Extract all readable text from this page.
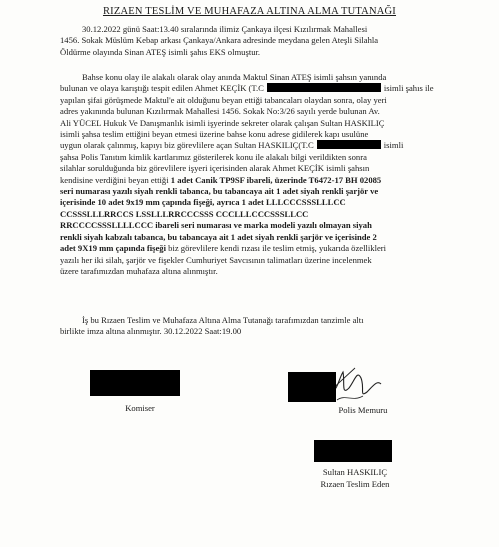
RIZAEN TESLİM VE MUHAFAZA ALTINA ALMA TUTANAĞI
30.12.2022 günü Saat:13.40 sıralarında ilimiz Çankaya ilçesi Kızılırmak Mahallesi
1456. Sokak Müslüm Kebap arkası Çankaya/Ankara adresinde meydana gelen Ateşli Silahla
Öldürme olayında Sinan ATEŞ isimli şahıs EKS olmuştur.
Bahse konu olay ile alakalı olarak olay anında Maktul Sinan ATEŞ isimli şahsın yanında
bulunan ve olaya karıştığı tespit edilen Ahmet KEÇİK (T.C	isimli şahıs ile
yapılan şifai görüşmede Maktul'e ait olduğunu beyan ettiği tabancaları olaydan sonra, olay yeri
adres yakınında bulunan Kızılırmak Mahallesi 1456. Sokak No:3/26 sayılı yerde bulunan Av.
Ali YÜCEL Hukuk Ve Danışmanlık isimli işyerinde sekreter olarak çalışan Sultan HASKILIÇ
isimli şahsa teslim ettiğini beyan etmesi üzerine bahse konu adrese gidilerek kapı usulüne
uygun olarak çalınmış, kapıyı biz görevlilere açan Sultan HASKILIÇ(T.C	isimli
şahsa Polis Tanıtım kimlik kartlarımız gösterilerek konu ile alakalı bilgi verildikten sonra
silahlar sorulduğunda biz görevlilere işyeri içerisinden alarak Ahmet KEÇİK isimli şahsın
kendisine verdiğini beyan ettiği 1 adet Canik TP9SF ibareli, üzerinde T6472-17 BH 02085
seri numarası yazılı siyah renkli tabanca, bu tabancaya ait 1 adet siyah renkli şarjör ve
içerisinde 10 adet 9x19 mm çapında fişeği, ayrıca 1 adet LLLCCCSSSLLLCC
CCSSSLLLRRCCS LSSLLLRRCCCSSS CCCLLLCCCSSSLLCC
RRCCCCSSSLLLLCCC ibareli seri numarası ve marka modeli yazılı olmayan siyah
renkli siyah kabzalı tabanca, bu tabancaya ait 1 adet siyah renkli şarjör ve içerisinde 2
adet 9X19 mm çapında fişeği biz görevlilere kendi rızası ile teslim etmiş, yukarıda özellikleri
yazılı her iki silah, şarjör ve fişekler Cumhuriyet Savcısının talimatları üzerine incelenmek
üzere tarafımızdan muhafaza altına alınmıştır.
İş bu Rızaen Teslim ve Muhafaza Altına Alma Tutanağı tarafımızdan tanzimle altı
birlikte imza altına alınmıştır. 30.12.2022 Saat:19.00
Komiser	Polis Memuru
Sultan HASKILIÇ
Rızaen Teslim Eden
